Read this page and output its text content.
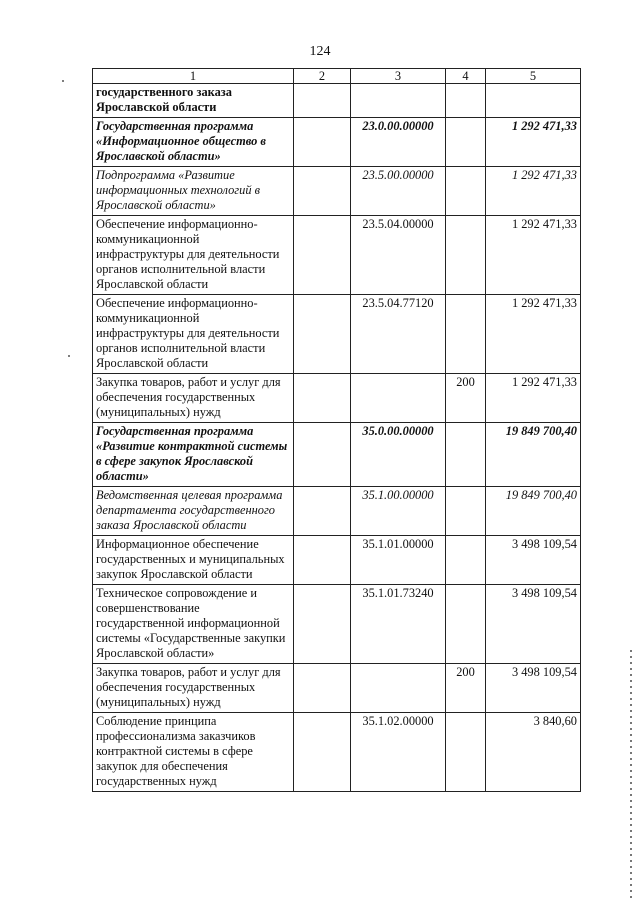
124
1	2	3	4	5
государственного заказа Ярославской области				
Государственная программа «Информационное общество в Ярославской области»		23.0.00.00000		1 292 471,33
Подпрограмма «Развитие информационных технологий в Ярославской области»		23.5.00.00000		1 292 471,33
Обеспечение информационно-коммуникационной инфраструктуры для деятельности органов исполнительной власти Ярославской области		23.5.04.00000		1 292 471,33
Обеспечение информационно-коммуникационной инфраструктуры для деятельности органов исполнительной власти Ярославской области		23.5.04.77120		1 292 471,33
Закупка товаров, работ и услуг для обеспечения государственных (муниципальных) нужд			200	1 292 471,33
Государственная программа «Развитие контрактной системы в сфере закупок Ярославской области»		35.0.00.00000		19 849 700,40
Ведомственная целевая программа департамента государственного заказа Ярославской области		35.1.00.00000		19 849 700,40
Информационное обеспечение государственных и муниципальных закупок Ярославской области		35.1.01.00000		3 498 109,54
Техническое сопровождение и совершенствование государственной информационной системы «Государственные закупки Ярославской области»		35.1.01.73240		3 498 109,54
Закупка товаров, работ и услуг для обеспечения государственных (муниципальных) нужд			200	3 498 109,54
Соблюдение принципа профессионализма заказчиков контрактной системы в сфере закупок для обеспечения государственных нужд		35.1.02.00000		3 840,60
